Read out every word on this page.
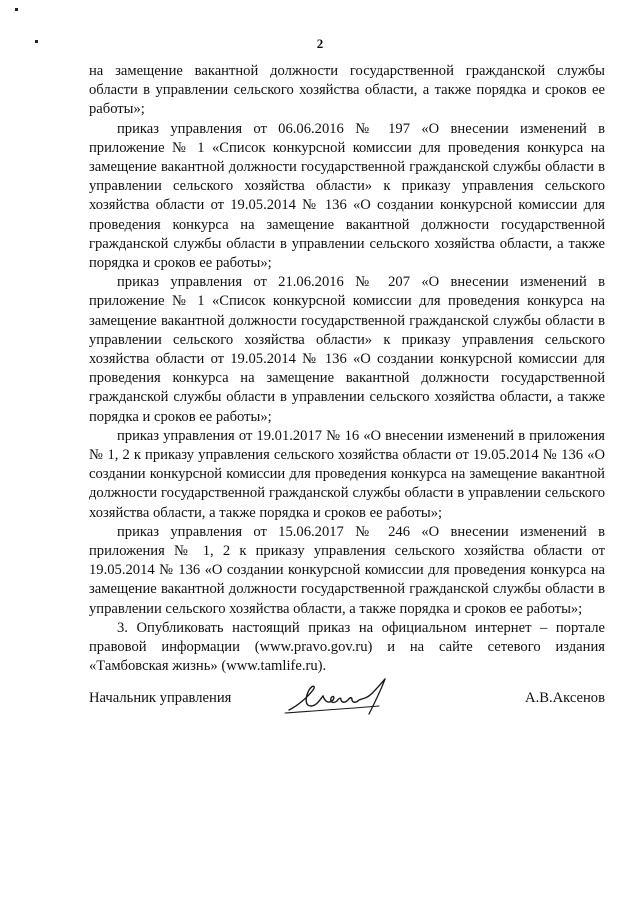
2

на замещение вакантной должности государственной гражданской службы области в управлении сельского хозяйства области, а также порядка и сроков ее работы»;

приказ управления от 06.06.2016 № 197 «О внесении изменений в приложение № 1 «Список конкурсной комиссии для проведения конкурса на замещение вакантной должности государственной гражданской службы области в управлении сельского хозяйства области» к приказу управления сельского хозяйства области от 19.05.2014 № 136 «О создании конкурсной комиссии для проведения конкурса на замещение вакантной должности государственной гражданской службы области в управлении сельского хозяйства области, а также порядка и сроков ее работы»;

приказ управления от 21.06.2016 № 207 «О внесении изменений в приложение № 1 «Список конкурсной комиссии для проведения конкурса на замещение вакантной должности государственной гражданской службы области в управлении сельского хозяйства области» к приказу управления сельского хозяйства области от 19.05.2014 № 136 «О создании конкурсной комиссии для проведения конкурса на замещение вакантной должности государственной гражданской службы области в управлении сельского хозяйства области, а также порядка и сроков ее работы»;

приказ управления от 19.01.2017 № 16 «О внесении изменений в приложения № 1, 2 к приказу управления сельского хозяйства области от 19.05.2014 № 136 «О создании конкурсной комиссии для проведения конкурса на замещение вакантной должности государственной гражданской службы области в управлении сельского хозяйства области, а также порядка и сроков ее работы»;

приказ управления от 15.06.2017 № 246 «О внесении изменений в приложения № 1, 2 к приказу управления сельского хозяйства области от 19.05.2014 № 136 «О создании конкурсной комиссии для проведения конкурса на замещение вакантной должности государственной гражданской службы области в управлении сельского хозяйства области, а также порядка и сроков ее работы»;

3. Опубликовать настоящий приказ на официальном интернет – портале правовой информации (www.pravo.gov.ru) и на сайте сетевого издания «Тамбовская жизнь» (www.tamlife.ru).

Начальник управления	А.В.Аксенов
